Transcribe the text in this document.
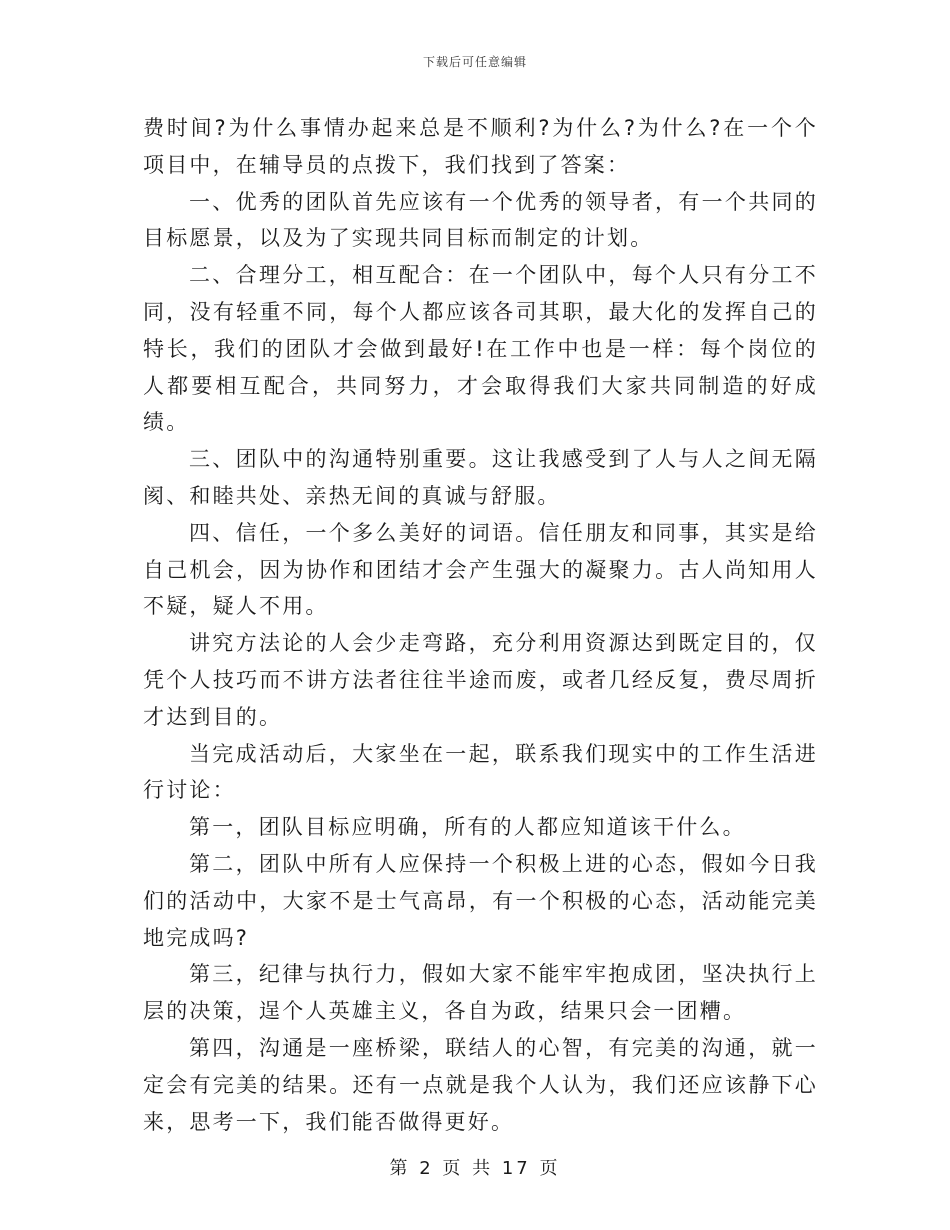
下载后可任意编辑

费时间?为什么事情办起来总是不顺利?为什么?为什么?在一个个项目中，在辅导员的点拨下，我们找到了答案：

一、优秀的团队首先应该有一个优秀的领导者，有一个共同的目标愿景，以及为了实现共同目标而制定的计划。

二、合理分工，相互配合：在一个团队中，每个人只有分工不同，没有轻重不同，每个人都应该各司其职，最大化的发挥自己的特长，我们的团队才会做到最好!在工作中也是一样：每个岗位的人都要相互配合，共同努力，才会取得我们大家共同制造的好成绩。

三、团队中的沟通特别重要。这让我感受到了人与人之间无隔阂、和睦共处、亲热无间的真诚与舒服。

四、信任，一个多么美好的词语。信任朋友和同事，其实是给自己机会，因为协作和团结才会产生强大的凝聚力。古人尚知用人不疑，疑人不用。

讲究方法论的人会少走弯路，充分利用资源达到既定目的，仅凭个人技巧而不讲方法者往往半途而废，或者几经反复，费尽周折才达到目的。

当完成活动后，大家坐在一起，联系我们现实中的工作生活进行讨论：

第一，团队目标应明确，所有的人都应知道该干什么。

第二，团队中所有人应保持一个积极上进的心态，假如今日我们的活动中，大家不是士气高昂，有一个积极的心态，活动能完美地完成吗?

第三，纪律与执行力，假如大家不能牢牢抱成团，坚决执行上层的决策，逞个人英雄主义，各自为政，结果只会一团糟。

第四，沟通是一座桥梁，联结人的心智，有完美的沟通，就一定会有完美的结果。还有一点就是我个人认为，我们还应该静下心来，思考一下，我们能否做得更好。

第 2 页 共 17 页
